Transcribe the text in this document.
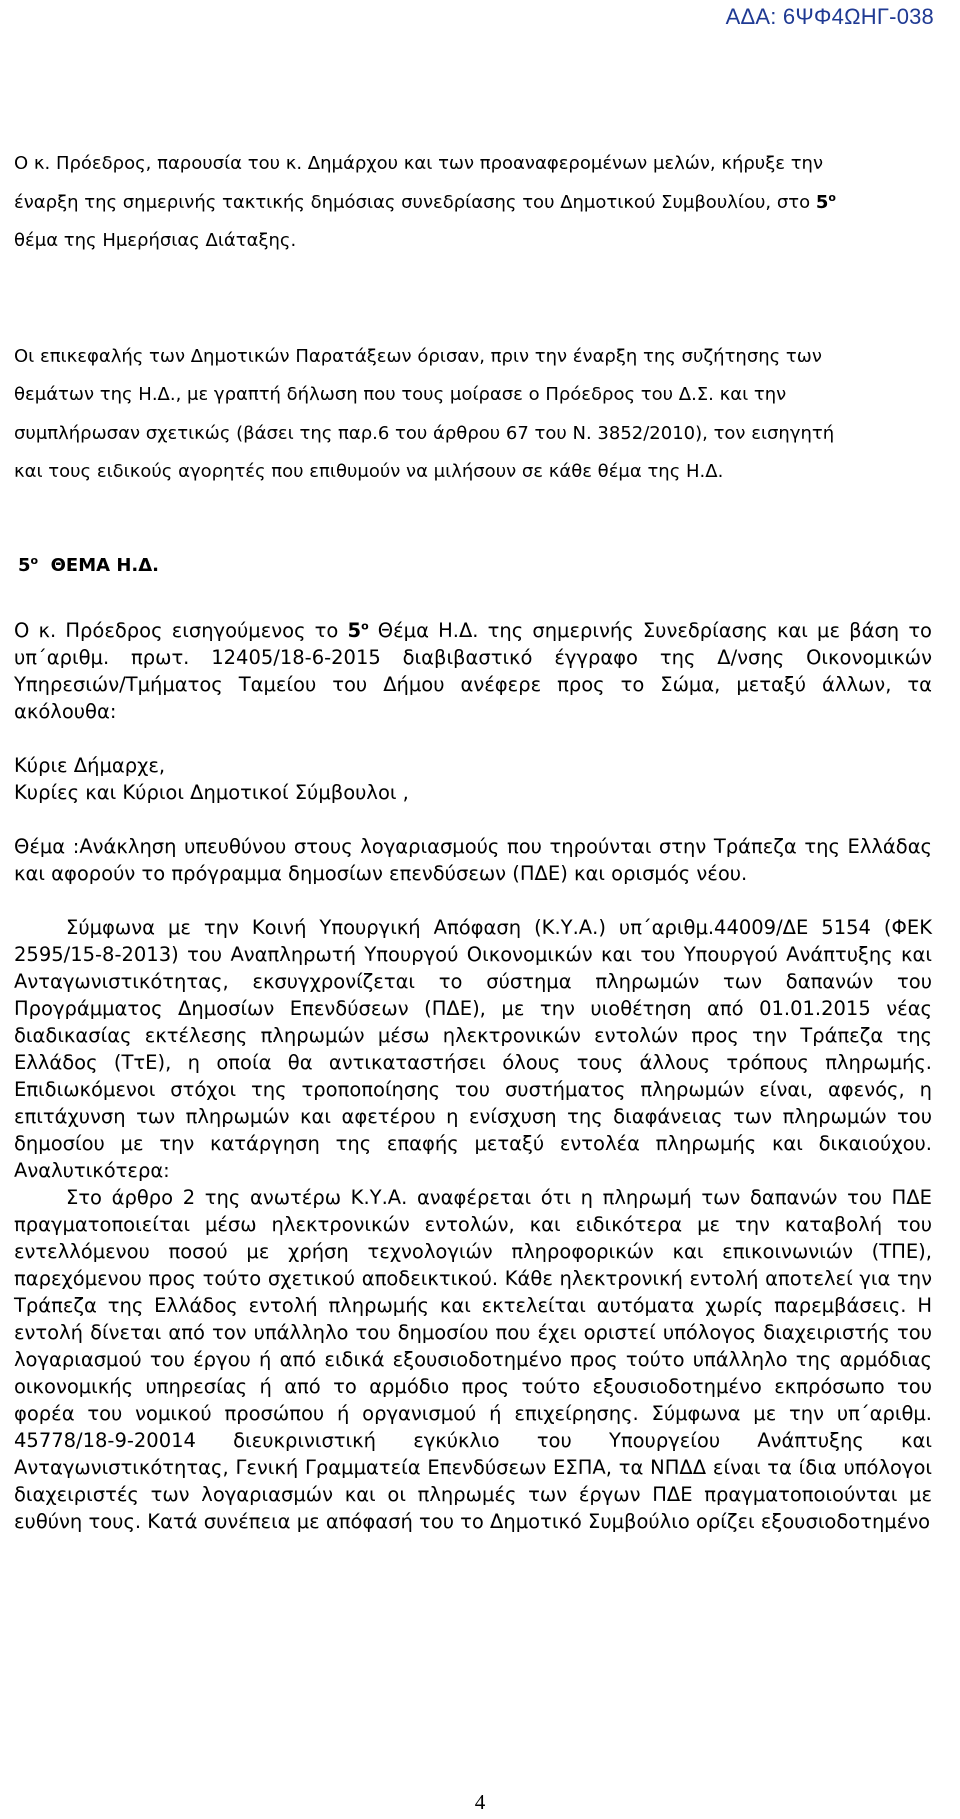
ΑΔΑ: 6ΨΦ4ΩΗΓ-038

Ο κ. Πρόεδρος, παρουσία του κ. Δημάρχου και των προαναφερομένων μελών, κήρυξε την

έναρξη της σημερινής τακτικής δημόσιας συνεδρίασης του Δημοτικού Συμβουλίου, στο $5^o$

θέμα της Ημερήσιας Διάταξης.

Οι επικεφαλής των Δημοτικών Παρατάξεων όρισαν, πριν την έναρξη της συζήτησης των

θεμάτων της Η.Δ., με γραπτή δήλωση που τους μοίρασε ο Πρόεδρος του Δ.Σ. και την

συμπλήρωσαν σχετικώς (βάσει της παρ.6 του άρθρου 67 του Ν. 3852/2010), τον εισηγητή

και τους ειδικούς αγορητές που επιθυμούν να μιλήσουν σε κάθε θέμα της Η.Δ.

$5^o$  ΘΕΜΑ Η.Δ.

Ο κ. Πρόεδρος εισηγούμενος το $5^o$ Θέμα Η.Δ. της σημερινής Συνεδρίασης και με βάση το υπ΄αριθμ. πρωτ. 12405/18-6-2015 διαβιβαστικό έγγραφο της Δ/νσης Οικονομικών Υπηρεσιών/Τμήματος Ταμείου του Δήμου ανέφερε προς το Σώμα, μεταξύ άλλων, τα ακόλουθα:

Κύριε Δήμαρχε,

Κυρίες και Κύριοι Δημοτικοί Σύμβουλοι ,

Θέμα :Ανάκληση υπευθύνου στους λογαριασμούς που τηρούνται στην Τράπεζα της Ελλάδας και αφορούν το πρόγραμμα δημοσίων επενδύσεων (ΠΔΕ) και ορισμός νέου.

Σύμφωνα με την Κοινή Υπουργική Απόφαση (Κ.Υ.Α.) υπ΄αριθμ.44009/ΔΕ 5154 (ΦΕΚ 2595/15-8-2013) του Αναπληρωτή Υπουργού Οικονομικών και του Υπουργού Ανάπτυξης και Ανταγωνιστικότητας, εκσυγχρονίζεται το σύστημα πληρωμών των δαπανών του Προγράμματος Δημοσίων Επενδύσεων (ΠΔΕ), με την υιοθέτηση από 01.01.2015 νέας διαδικασίας εκτέλεσης πληρωμών μέσω ηλεκτρονικών εντολών προς την Τράπεζα της Ελλάδος (ΤτΕ), η οποία θα αντικαταστήσει όλους τους άλλους τρόπους πληρωμής. Επιδιωκόμενοι στόχοι της τροποποίησης του συστήματος πληρωμών είναι, αφενός, η επιτάχυνση των πληρωμών και αφετέρου η ενίσχυση της διαφάνειας των πληρωμών του δημοσίου με την κατάργηση της επαφής μεταξύ εντολέα πληρωμής και δικαιούχου. Αναλυτικότερα:

Στο άρθρο 2 της ανωτέρω Κ.Υ.Α. αναφέρεται ότι η πληρωμή των δαπανών του ΠΔΕ πραγματοποιείται μέσω ηλεκτρονικών εντολών, και ειδικότερα με την καταβολή του εντελλόμενου ποσού με χρήση τεχνολογιών πληροφορικών και επικοινωνιών (ΤΠΕ), παρεχόμενου προς τούτο σχετικού αποδεικτικού. Κάθε ηλεκτρονική εντολή αποτελεί για την Τράπεζα της Ελλάδος εντολή πληρωμής και εκτελείται αυτόματα χωρίς παρεμβάσεις. Η εντολή δίνεται από τον υπάλληλο του δημοσίου που έχει οριστεί υπόλογος διαχειριστής του λογαριασμού του έργου ή από ειδικά εξουσιοδοτημένο προς τούτο υπάλληλο της αρμόδιας οικονομικής υπηρεσίας ή από το αρμόδιο προς τούτο εξουσιοδοτημένο εκπρόσωπο του φορέα του νομικού προσώπου ή οργανισμού ή επιχείρησης. Σύμφωνα με την υπ΄αριθμ. 45778/18-9-20014 διευκρινιστική εγκύκλιο του Υπουργείου Ανάπτυξης και Ανταγωνιστικότητας, Γενική Γραμματεία Επενδύσεων ΕΣΠΑ, τα ΝΠΔΔ είναι τα ίδια υπόλογοι διαχειριστές των λογαριασμών και οι πληρωμές των έργων ΠΔΕ πραγματοποιούνται με ευθύνη τους. Κατά συνέπεια με απόφασή του το Δημοτικό Συμβούλιο ορίζει εξουσιοδοτημένο

4
